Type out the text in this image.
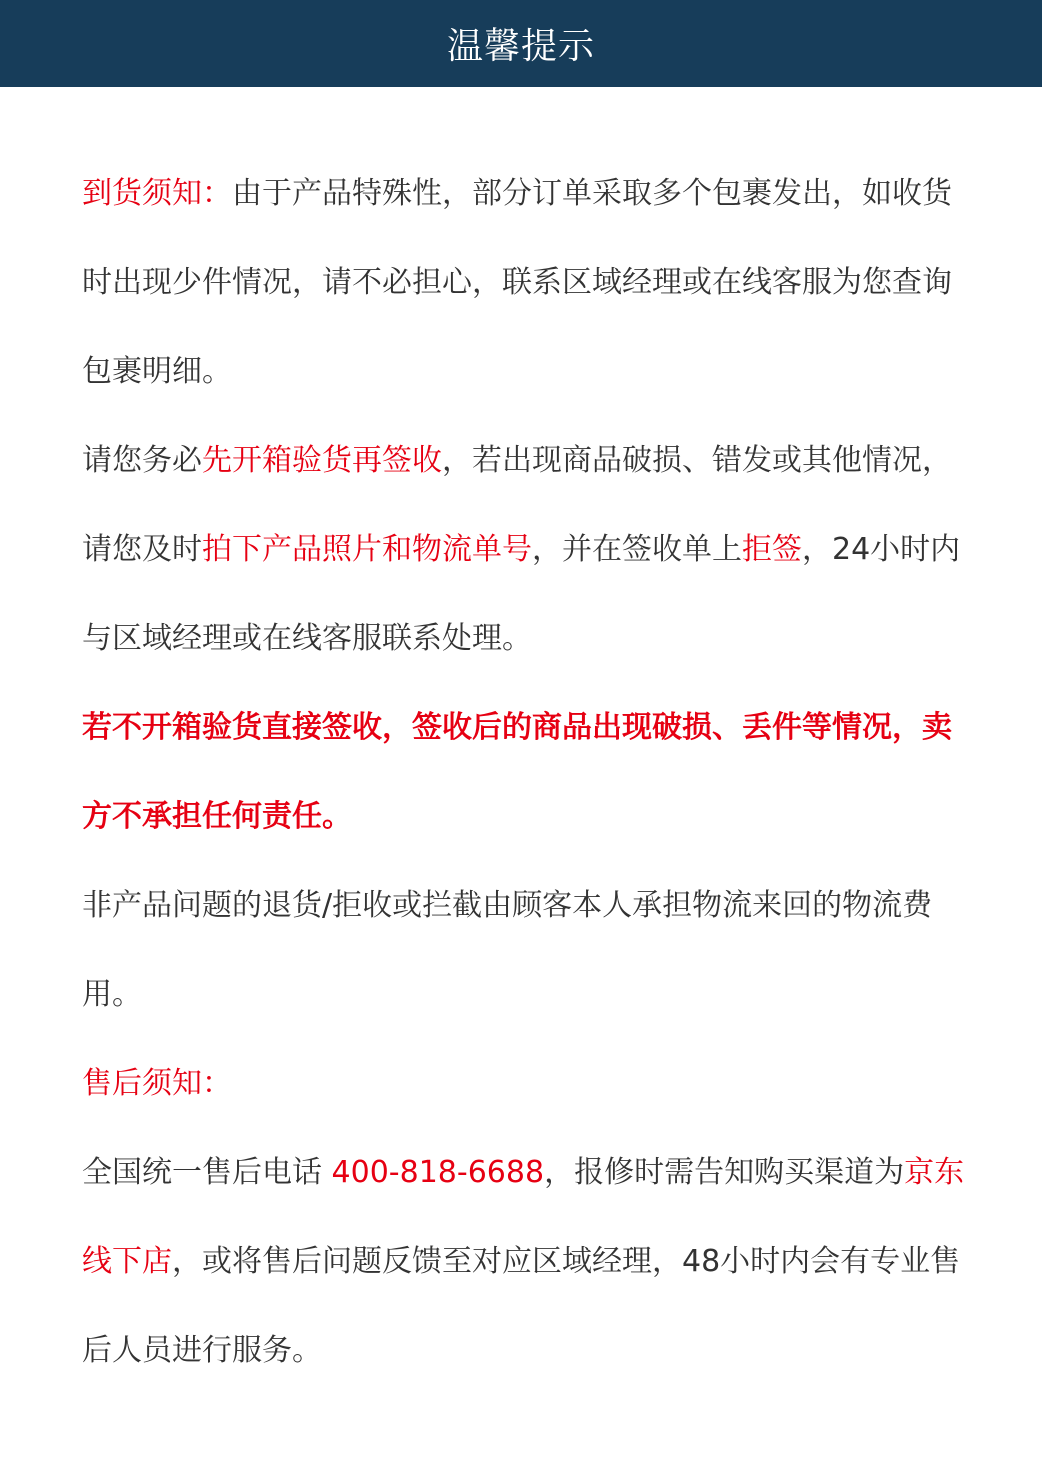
温馨提示

到货须知：由于产品特殊性，部分订单采取多个包裹发出，如收货时出现少件情况，请不必担心，联系区域经理或在线客服为您查询包裹明细。

请您务必先开箱验货再签收，若出现商品破损、错发或其他情况，请您及时拍下产品照片和物流单号，并在签收单上拒签，24小时内与区域经理或在线客服联系处理。

若不开箱验货直接签收，签收后的商品出现破损、丢件等情况，卖方不承担任何责任。

非产品问题的退货/拒收或拦截由顾客本人承担物流来回的物流费用。

售后须知：

全国统一售后电话 400-818-6688，报修时需告知购买渠道为京东线下店，或将售后问题反馈至对应区域经理，48小时内会有专业售后人员进行服务。
